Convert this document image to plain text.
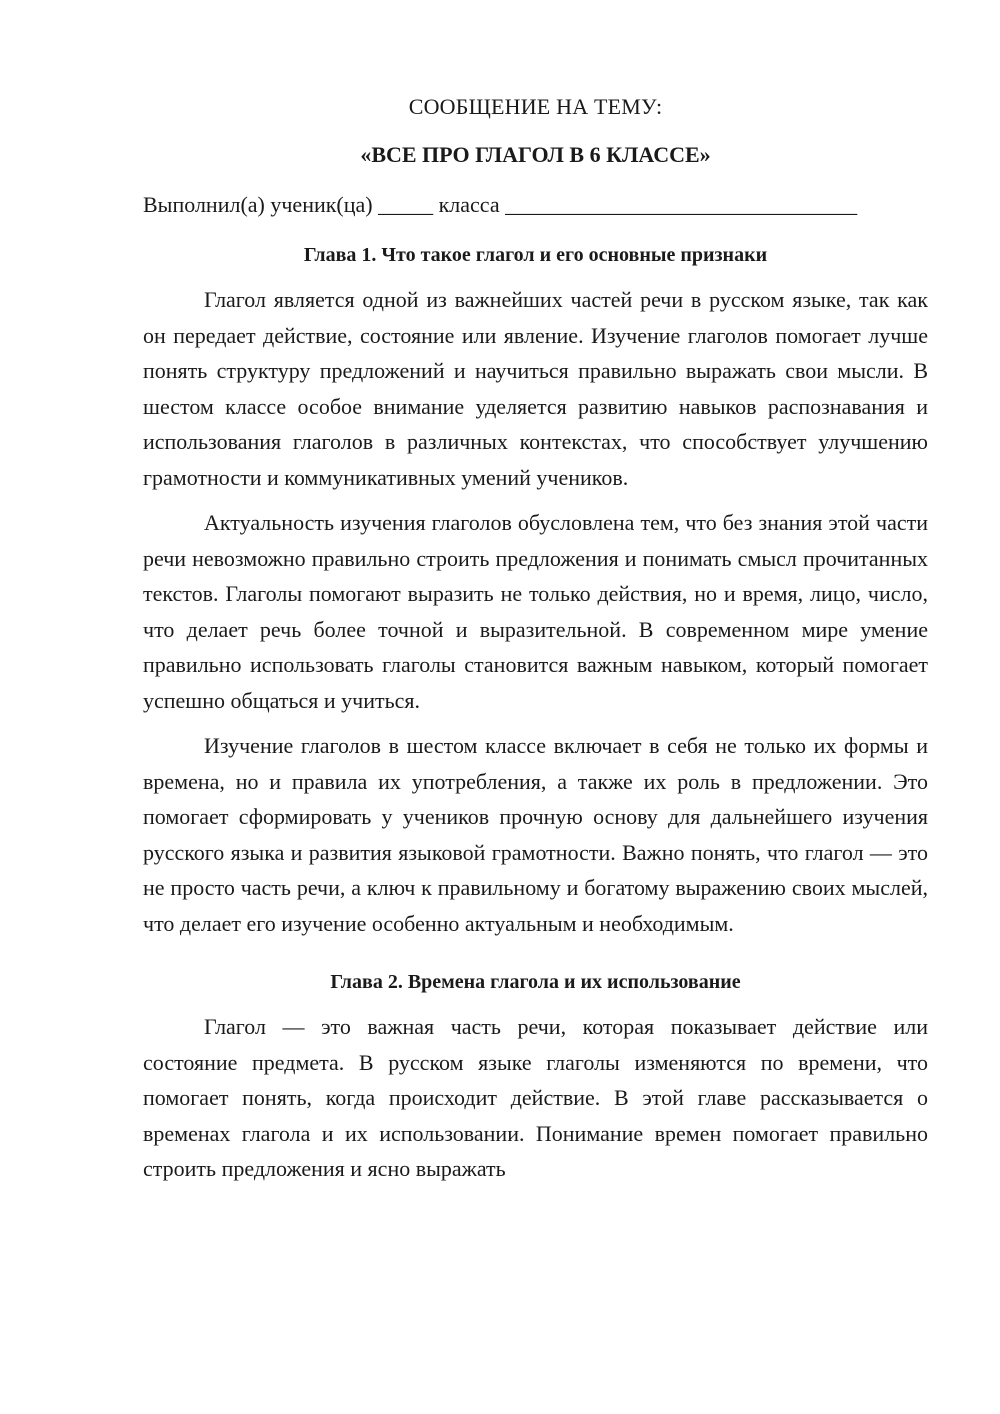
СООБЩЕНИЕ НА ТЕМУ:

«ВСЕ ПРО ГЛАГОЛ В 6 КЛАССЕ»

Выполнил(а) ученик(ца) _____ класса ________________________________

Глава 1. Что такое глагол и его основные признаки

Глагол является одной из важнейших частей речи в русском языке, так как он передает действие, состояние или явление. Изучение глаголов помогает лучше понять структуру предложений и научиться правильно выражать свои мысли. В шестом классе особое внимание уделяется развитию навыков распознавания и использования глаголов в различных контекстах, что способствует улучшению грамотности и коммуникативных умений учеников.

Актуальность изучения глаголов обусловлена тем, что без знания этой части речи невозможно правильно строить предложения и понимать смысл прочитанных текстов. Глаголы помогают выразить не только действия, но и время, лицо, число, что делает речь более точной и выразительной. В современном мире умение правильно использовать глаголы становится важным навыком, который помогает успешно общаться и учиться.

Изучение глаголов в шестом классе включает в себя не только их формы и времена, но и правила их употребления, а также их роль в предложении. Это помогает сформировать у учеников прочную основу для дальнейшего изучения русского языка и развития языковой грамотности. Важно понять, что глагол — это не просто часть речи, а ключ к правильному и богатому выражению своих мыслей, что делает его изучение особенно актуальным и необходимым.

Глава 2. Времена глагола и их использование

Глагол — это важная часть речи, которая показывает действие или состояние предмета. В русском языке глаголы изменяются по времени, что помогает понять, когда происходит действие. В этой главе рассказывается о временах глагола и их использовании. Понимание времен помогает правильно строить предложения и ясно выражать
